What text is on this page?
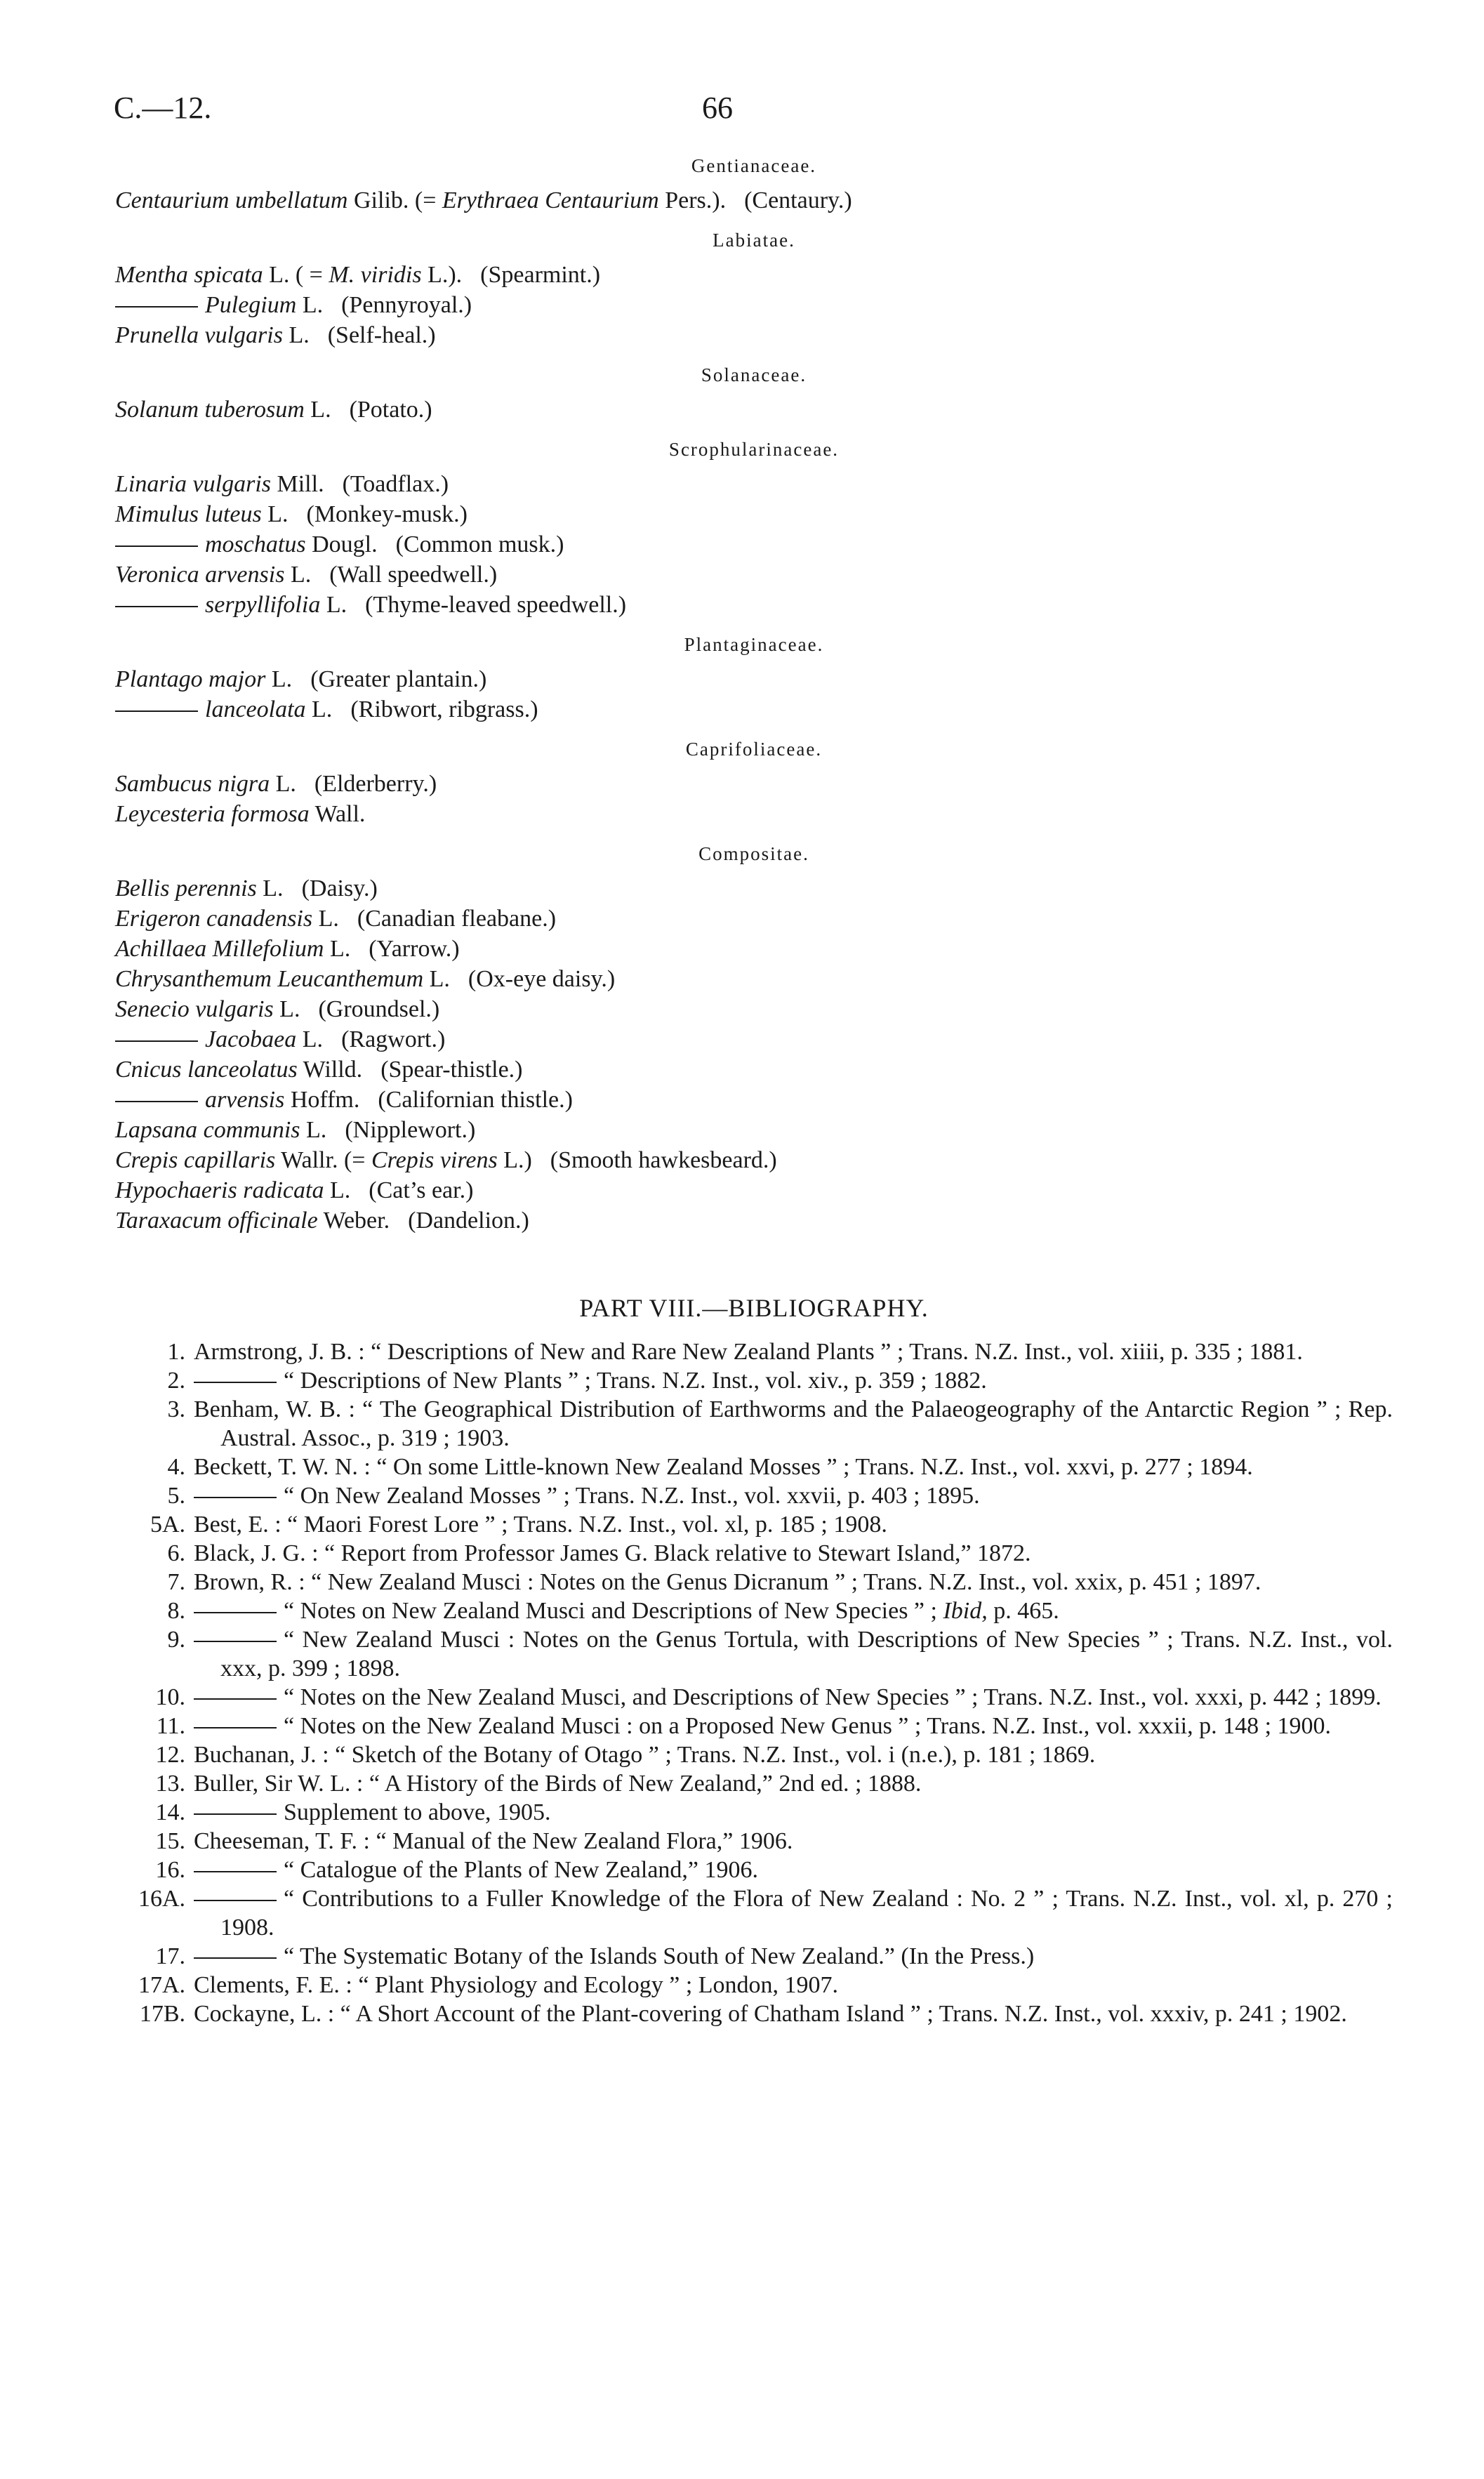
C.—12.	66
Gentianaceae.
Centaurium umbellatum Gilib. (= Erythraea Centaurium Pers.). (Centaury.)
Labiatae.
Mentha spicata L. ( = M. viridis L.). (Spearmint.)
Pulegium L. (Pennyroyal.)
Prunella vulgaris L. (Self-heal.)
Solanaceae.
Solanum tuberosum L. (Potato.)
Scrophularinaceae.
Linaria vulgaris Mill. (Toadflax.)
Mimulus luteus L. (Monkey-musk.)
moschatus Dougl. (Common musk.)
Veronica arvensis L. (Wall speedwell.)
serpyllifolia L. (Thyme-leaved speedwell.)
Plantaginaceae.
Plantago major L. (Greater plantain.)
lanceolata L. (Ribwort, ribgrass.)
Caprifoliaceae.
Sambucus nigra L. (Elderberry.)
Leycesteria formosa Wall.
Compositae.
Bellis perennis L. (Daisy.)
Erigeron canadensis L. (Canadian fleabane.)
Achillaea Millefolium L. (Yarrow.)
Chrysanthemum Leucanthemum L. (Ox-eye daisy.)
Senecio vulgaris L. (Groundsel.)
Jacobaea L. (Ragwort.)
Cnicus lanceolatus Willd. (Spear-thistle.)
arvensis Hoffm. (Californian thistle.)
Lapsana communis L. (Nipplewort.)
Crepis capillaris Wallr. (= Crepis virens L.) (Smooth hawkesbeard.)
Hypochaeris radicata L. (Cat’s ear.)
Taraxacum officinale Weber. (Dandelion.)
PART VIII.—BIBLIOGRAPHY.
1. Armstrong, J. B. : “ Descriptions of New and Rare New Zealand Plants ” ; Trans. N.Z. Inst., vol. xiiii, p. 335 ; 1881.
2.	“ Descriptions of New Plants ” ; Trans. N.Z. Inst., vol. xiv., p. 359 ; 1882.
3. Benham, W. B. : “ The Geographical Distribution of Earthworms and the Palaeogeography of the Antarctic Region ” ; Rep. Austral. Assoc., p. 319 ; 1903.
4. Beckett, T. W. N. : “ On some Little-known New Zealand Mosses ” ; Trans. N.Z. Inst., vol. xxvi, p. 277 ; 1894.
5.	“ On New Zealand Mosses ” ; Trans. N.Z. Inst., vol. xxvii, p. 403 ; 1895.
5A. Best, E. : “ Maori Forest Lore ” ; Trans. N.Z. Inst., vol. xl, p. 185 ; 1908.
6. Black, J. G. : “ Report from Professor James G. Black relative to Stewart Island,” 1872.
7. Brown, R. : “ New Zealand Musci : Notes on the Genus Dicranum ” ; Trans. N.Z. Inst., vol. xxix, p. 451 ; 1897.
8.	“ Notes on New Zealand Musci and Descriptions of New Species ” ; Ibid, p. 465.
9.	“ New Zealand Musci : Notes on the Genus Tortula, with Descriptions of New Species ” ; Trans. N.Z. Inst., vol. xxx, p. 399 ; 1898.
10.	“ Notes on the New Zealand Musci, and Descriptions of New Species ” ; Trans. N.Z. Inst., vol. xxxi, p. 442 ; 1899.
11.	“ Notes on the New Zealand Musci : on a Proposed New Genus ” ; Trans. N.Z. Inst., vol. xxxii, p. 148 ; 1900.
12. Buchanan, J. : “ Sketch of the Botany of Otago ” ; Trans. N.Z. Inst., vol. i (n.e.), p. 181 ; 1869.
13. Buller, Sir W. L. : “ A History of the Birds of New Zealand,” 2nd ed. ; 1888.
14.	Supplement to above, 1905.
15. Cheeseman, T. F. : “ Manual of the New Zealand Flora,” 1906.
16.	“ Catalogue of the Plants of New Zealand,” 1906.
16A.	“ Contributions to a Fuller Knowledge of the Flora of New Zealand : No. 2 ” ; Trans. N.Z. Inst., vol. xl, p. 270 ; 1908.
17.	“ The Systematic Botany of the Islands South of New Zealand.” (In the Press.)
17A. Clements, F. E. : “ Plant Physiology and Ecology ” ; London, 1907.
17B. Cockayne, L. : “ A Short Account of the Plant-covering of Chatham Island ” ; Trans. N.Z. Inst., vol. xxxiv, p. 241 ; 1902.
